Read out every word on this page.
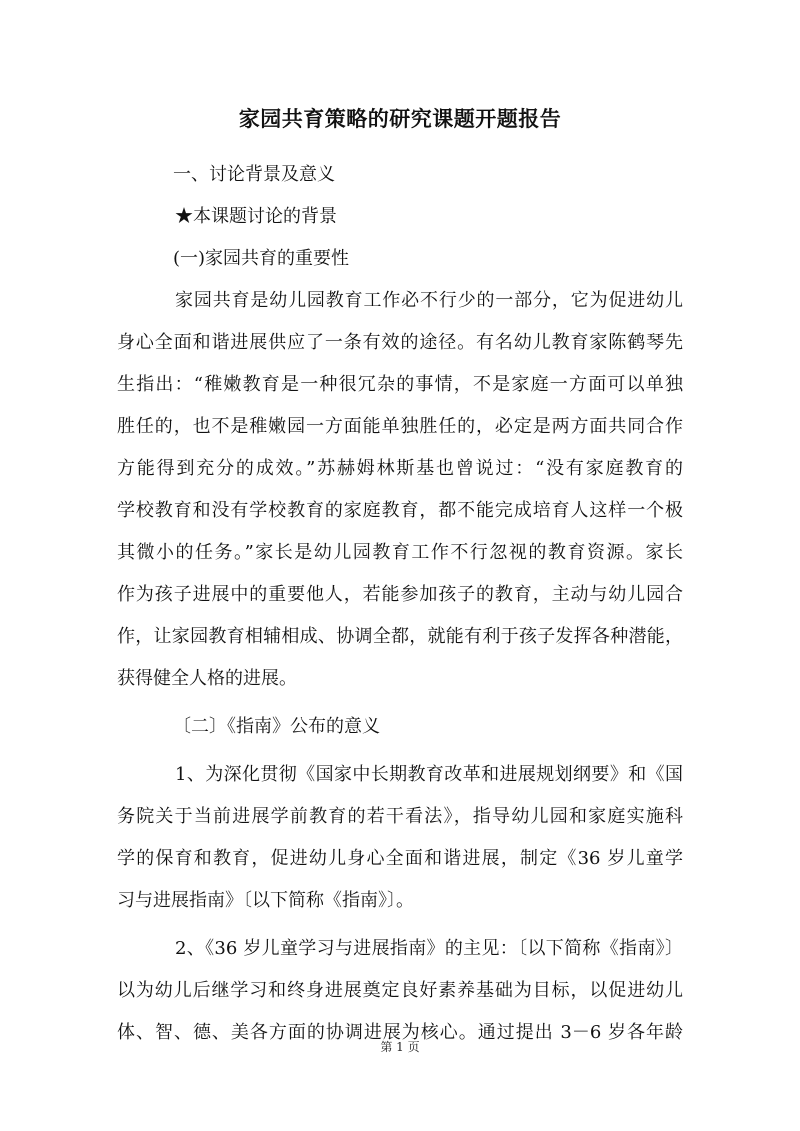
家园共育策略的研究课题开题报告
一、讨论背景及意义
★本课题讨论的背景
(一)家园共育的重要性
家园共育是幼儿园教育工作必不行少的一部分，它为促进幼儿
身心全面和谐进展供应了一条有效的途径。有名幼儿教育家陈鹤琴先
生指出：“稚嫩教育是一种很冗杂的事情，不是家庭一方面可以单独
胜任的，也不是稚嫩园一方面能单独胜任的，必定是两方面共同合作
方能得到充分的成效。”苏赫姆林斯基也曾说过：“没有家庭教育的
学校教育和没有学校教育的家庭教育，都不能完成培育人这样一个极
其微小的任务。”家长是幼儿园教育工作不行忽视的教育资源。家长
作为孩子进展中的重要他人，若能参加孩子的教育，主动与幼儿园合
作，让家园教育相辅相成、协调全都，就能有利于孩子发挥各种潜能，
获得健全人格的进展。
〔二〕《指南》公布的意义
1、为深化贯彻《国家中长期教育改革和进展规划纲要》和《国
务院关于当前进展学前教育的若干看法》，指导幼儿园和家庭实施科
学的保育和教育，促进幼儿身心全面和谐进展，制定《36 岁儿童学
习与进展指南》〔以下简称《指南》〕。
2、《36 岁儿童学习与进展指南》的主见：〔以下简称《指南》〕
以为幼儿后继学习和终身进展奠定良好素养基础为目标，以促进幼儿
体、智、德、美各方面的协调进展为核心。通过提出 3－6 岁各年龄
第 1 页
